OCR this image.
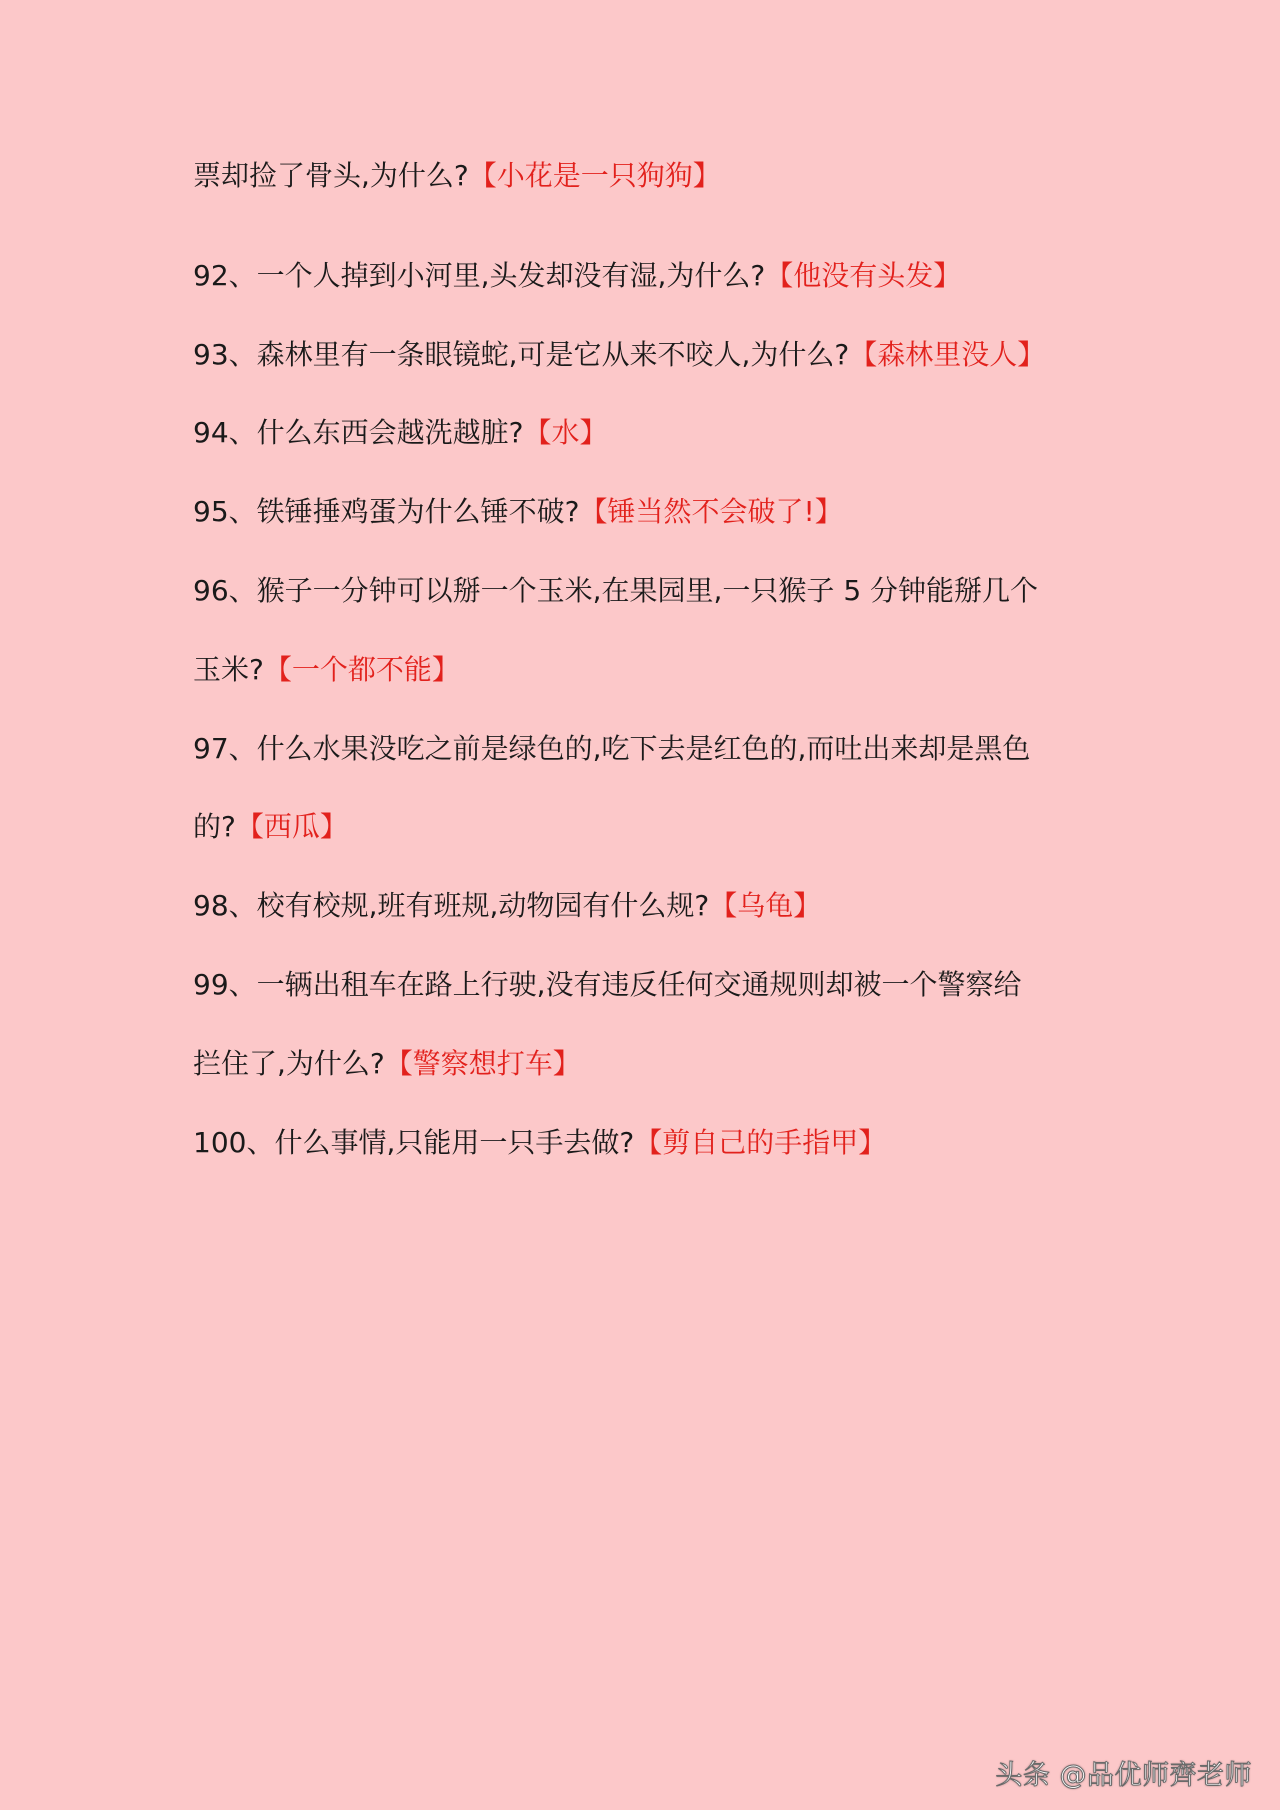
票却捡了骨头,为什么?【小花是一只狗狗】
92、一个人掉到小河里,头发却没有湿,为什么?【他没有头发】
93、森林里有一条眼镜蛇,可是它从来不咬人,为什么?【森林里没人】
94、什么东西会越洗越脏?【水】
95、铁锤捶鸡蛋为什么锤不破?【锤当然不会破了!】
96、猴子一分钟可以掰一个玉米,在果园里,一只猴子 5 分钟能掰几个
玉米?【一个都不能】
97、什么水果没吃之前是绿色的,吃下去是红色的,而吐出来却是黑色
的?【西瓜】
98、校有校规,班有班规,动物园有什么规?【乌龟】
99、一辆出租车在路上行驶,没有违反任何交通规则却被一个警察给
拦住了,为什么?【警察想打车】
100、什么事情,只能用一只手去做?【剪自己的手指甲】
头条 @品优师齊老师
